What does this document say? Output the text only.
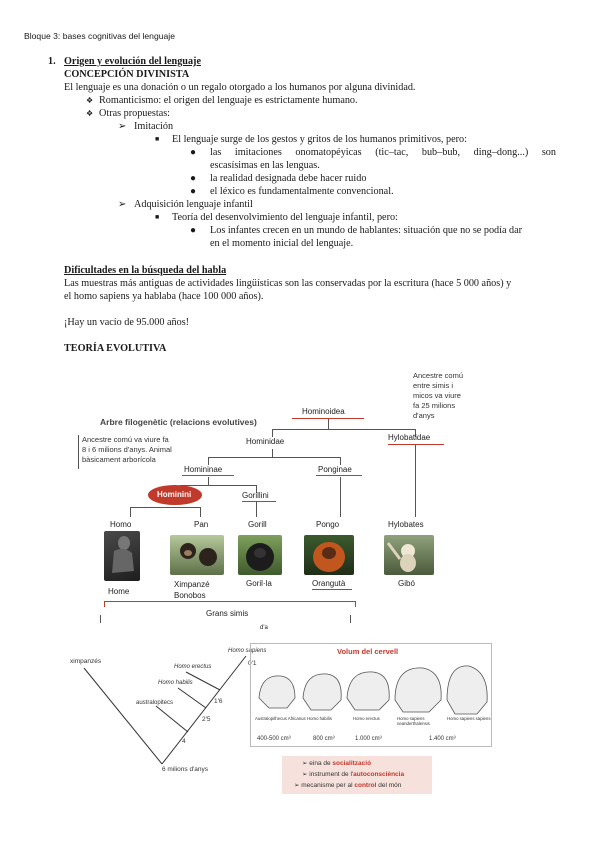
Bloque 3: bases cognitivas del lenguaje
1. Origen y evolución del lenguaje
CONCEPCIÓN DIVINISTA
El lenguaje es una donación o un regalo otorgado a los humanos por alguna divinidad.
❖ Romanticismo: el origen del lenguaje es estrictamente humano.
❖ Otras propuestas:
➢ Imitación
■ El lenguaje surge de los gestos y gritos de los humanos primitivos, pero:
● las imitaciones onomatopéyicas (tic–tac, bub–bub, ding–dong...) son
escasísimas en las lenguas.
● la realidad designada debe hacer ruido
● el léxico es fundamentalmente convencional.
➢ Adquisición lenguaje infantil
■ Teoría del desenvolvimiento del lenguaje infantil, pero:
● Los infantes crecen en un mundo de hablantes: situación que no se podía dar
en el momento inicial del lenguaje.
Dificultades en la búsqueda del habla
Las muestras más antiguas de actividades lingüísticas son las conservadas por la escritura (hace 5 000 años) y
el homo sapiens ya hablaba (hace 100 000 años).
¡Hay un vacío de 95.000 años!
TEORÍA EVOLUTIVA
Arbre filogenètic (relacions evolutives)
Ancestre comú
entre simis i
micos va viure
fa 25 milions
d'anys
Ancestre comú va viure fa
8 i 6 milions d'anys. Animal
bàsicament arborícola
Hominoidea
Hominidae	Hylobatidae
Homininae	Ponginae
Hominini	Gorillini
Homo	Pan	Gorill	Pongo	Hylobates
Home
Ximpanzé
Bonobos
Goril·la	Orangutà	Gibó
Grans simis
d'a
ximpanzés
Homo sapiens
Homo erectus
Homo habilis
australopitecs
0'1
1'6
2'5
4
6 milions d'anys
Volum del cervell
Australopithecus Africanus Homo habilis	Homo erectus	Homo sapiens neanderthalensis
Homo sapiens sapiens
400-500 cm³	800 cm³	1.000 cm³	1.400 cm³
➢ eina de socialització
➢ instrument de l'autoconsciència
➢ mecanisme per al control del món
